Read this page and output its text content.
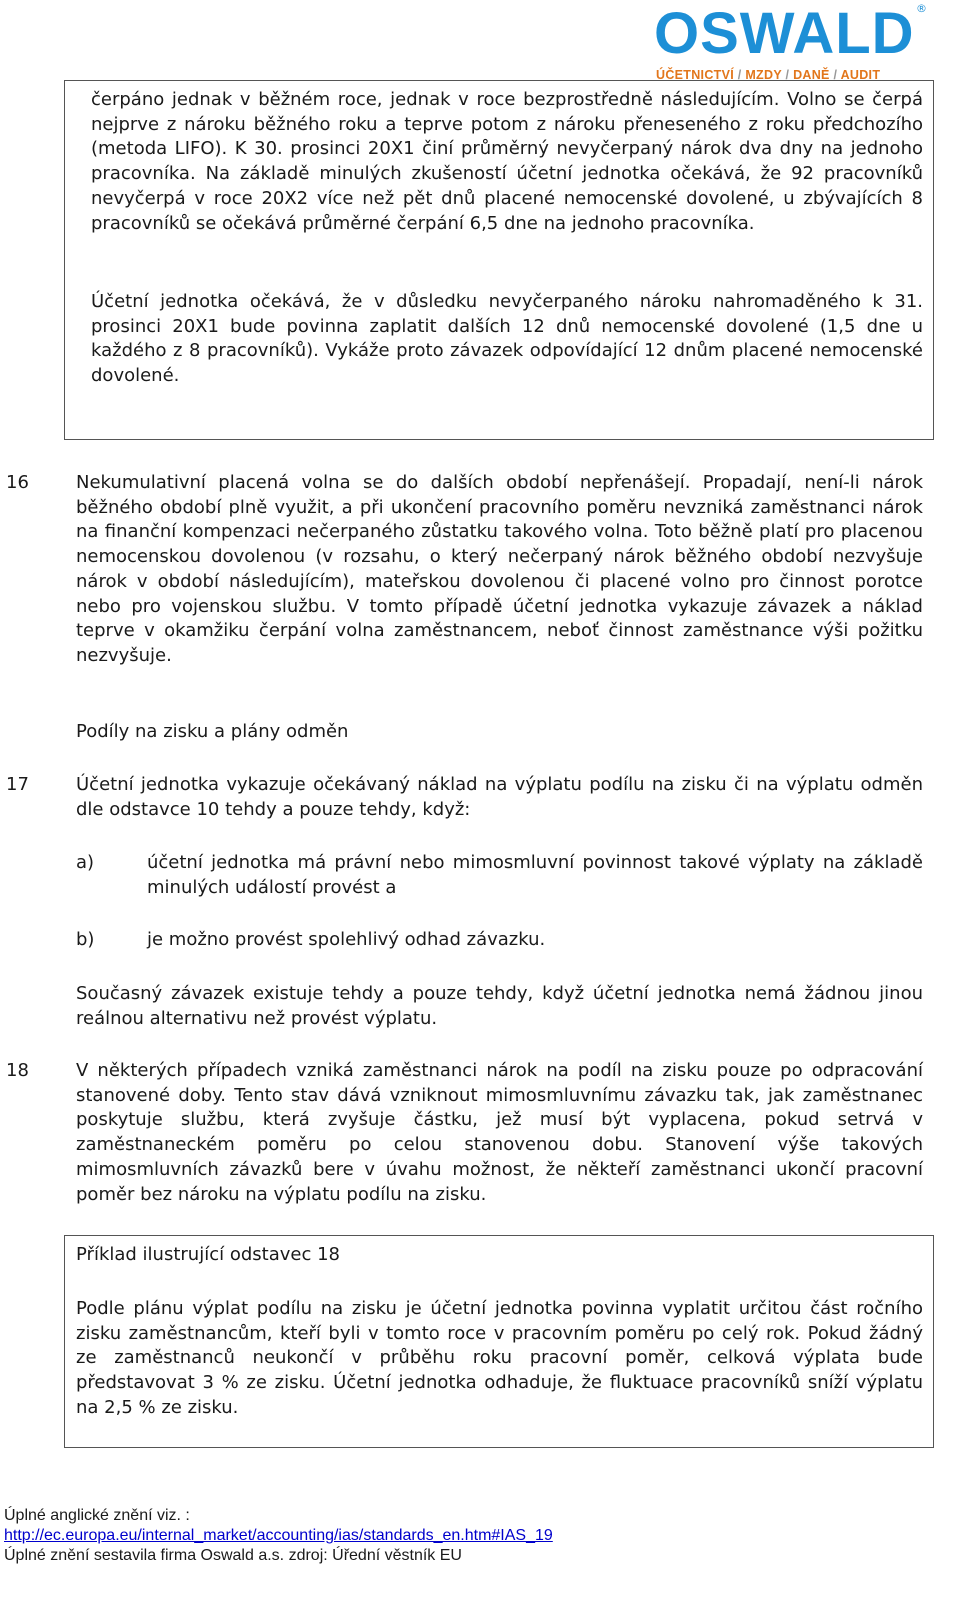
OSWALD ®
ÚČETNICTVÍ / MZDY / DANĚ / AUDIT

čerpáno jednak v běžném roce, jednak v roce bezprostředně následujícím. Volno se čerpá nejprve z nároku běžného roku a teprve potom z nároku přeneseného z roku předchozího (metoda LIFO). K 30. prosinci 20X1 činí průměrný nevyčerpaný nárok dva dny na jednoho pracovníka. Na základě minulých zkušeností účetní jednotka očekává, že 92 pracovníků nevyčerpá v roce 20X2 více než pět dnů placené nemocenské dovolené, u zbývajících 8 pracovníků se očekává průměrné čerpání 6,5 dne na jednoho pracovníka.

Účetní jednotka očekává, že v důsledku nevyčerpaného nároku nahromaděného k 31. prosinci 20X1 bude povinna zaplatit dalších 12 dnů nemocenské dovolené (1,5 dne u každého z 8 pracovníků). Vykáže proto závazek odpovídající 12 dnům placené nemocenské dovolené.

16	Nekumulativní placená volna se do dalších období nepřenášejí. Propadají, není-li nárok běžného období plně využit, a při ukončení pracovního poměru nevzniká zaměstnanci nárok na finanční kompenzaci nečerpaného zůstatku takového volna. Toto běžně platí pro placenou nemocenskou dovolenou (v rozsahu, o který nečerpaný nárok běžného období nezvyšuje nárok v období následujícím), mateřskou dovolenou či placené volno pro činnost porotce nebo pro vojenskou službu. V tomto případě účetní jednotka vykazuje závazek a náklad teprve v okamžiku čerpání volna zaměstnancem, neboť činnost zaměstnance výši požitku nezvyšuje.

Podíly na zisku a plány odměn
17	Účetní jednotka vykazuje očekávaný náklad na výplatu podílu na zisku či na výplatu odměn dle odstavce 10 tehdy a pouze tehdy, když:

a)	účetní jednotka má právní nebo mimosmluvní povinnost takové výplaty na základě minulých událostí provést a

b)	je možno provést spolehlivý odhad závazku.

Současný závazek existuje tehdy a pouze tehdy, když účetní jednotka nemá žádnou jinou reálnou alternativu než provést výplatu.

18	V některých případech vzniká zaměstnanci nárok na podíl na zisku pouze po odpracování stanovené doby. Tento stav dává vzniknout mimosmluvnímu závazku tak, jak zaměstnanec poskytuje službu, která zvyšuje částku, jež musí být vyplacena, pokud setrvá v zaměstnaneckém poměru po celou stanovenou dobu. Stanovení výše takových mimosmluvních závazků bere v úvahu možnost, že někteří zaměstnanci ukončí pracovní poměr bez nároku na výplatu podílu na zisku.

Příklad ilustrující odstavec 18

Podle plánu výplat podílu na zisku je účetní jednotka povinna vyplatit určitou část ročního zisku zaměstnancům, kteří byli v tomto roce v pracovním poměru po celý rok. Pokud žádný ze zaměstnanců neukončí v průběhu roku pracovní poměr, celková výplata bude představovat 3 % ze zisku. Účetní jednotka odhaduje, že fluktuace pracovníků sníží výplatu na 2,5 % ze zisku.

Úplné anglické znění viz. :
http://ec.europa.eu/internal_market/accounting/ias/standards_en.htm#IAS_19
Úplné znění sestavila firma Oswald a.s. zdroj: Úřední věstník EU
